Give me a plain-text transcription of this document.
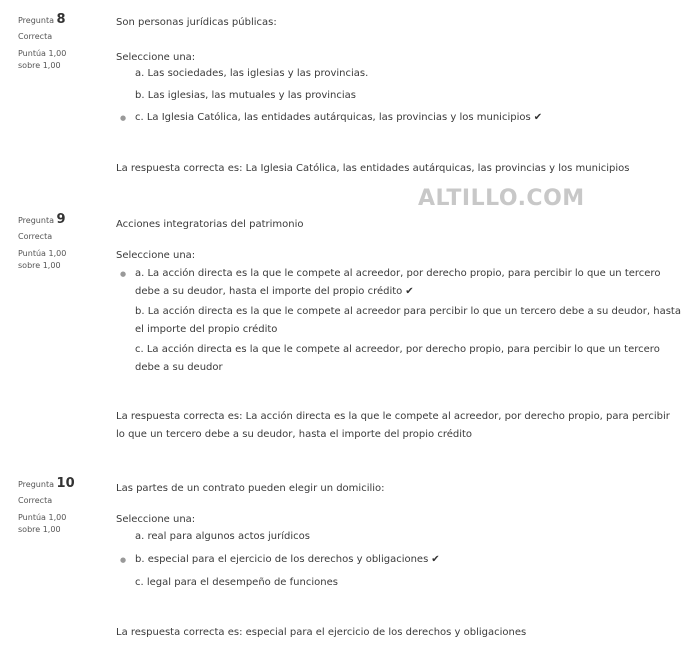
Pregunta 8
Correcta
Puntúa 1,00
sobre 1,00
Son personas jurídicas públicas:
Seleccione una:
a. Las sociedades, las iglesias y las provincias.
b. Las iglesias, las mutuales y las provincias
● c. La Iglesia Católica, las entidades autárquicas, las provincias y los municipios ✔
La respuesta correcta es: La Iglesia Católica, las entidades autárquicas, las provincias y los municipios
ALTILLO.COM
Pregunta 9
Correcta
Puntúa 1,00
sobre 1,00
Acciones integratorias del patrimonio
Seleccione una:
● a. La acción directa es la que le compete al acreedor, por derecho propio, para percibir lo que un tercero debe a su deudor, hasta el importe del propio crédito ✔
b. La acción directa es la que le compete al acreedor para percibir lo que un tercero debe a su deudor, hasta el importe del propio crédito
c. La acción directa es la que le compete al acreedor, por derecho propio, para percibir lo que un tercero debe a su deudor
La respuesta correcta es: La acción directa es la que le compete al acreedor, por derecho propio, para percibir lo que un tercero debe a su deudor, hasta el importe del propio crédito
Pregunta 10
Correcta
Puntúa 1,00
sobre 1,00
Las partes de un contrato pueden elegir un domicilio:
Seleccione una:
a. real para algunos actos jurídicos
● b. especial para el ejercicio de los derechos y obligaciones ✔
c. legal para el desempeño de funciones
La respuesta correcta es: especial para el ejercicio de los derechos y obligaciones
